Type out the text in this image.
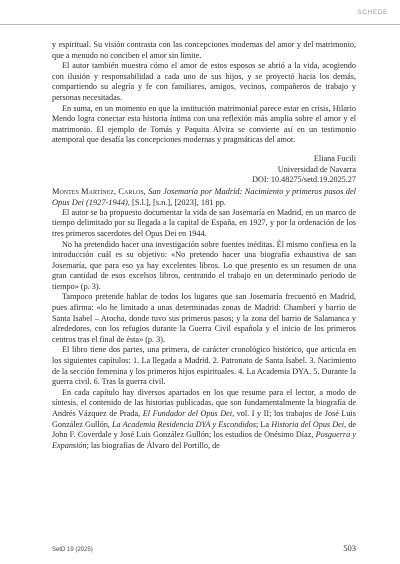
SCHEDE

y espiritual. Su visión contrasta con las concepciones modernas del amor y del matrimonio, que a menudo no conciben el amor sin límite.

El autor también muestra cómo el amor de estos esposos se abrió a la vida, acogiendo con ilusión y responsabilidad a cada uno de sus hijos, y se proyectó hacia los demás, compartiendo su alegría y fe con familiares, amigos, vecinos, compañeros de trabajo y personas necesitadas.

En suma, en un momento en que la institución matrimonial parece estar en crisis, Hilario Mendo logra conectar esta historia íntima con una reflexión más amplia sobre el amor y el matrimonio. El ejemplo de Tomás y Paquita Alvira se convierte así en un testimonio atemporal que desafía las concepciones modernas y pragmáticas del amor.

Eliana Fucili
Universidad de Navarra
DOI: 10.48275/setd.19.2025.27

Montes Martínez, Carlos, San Josemaría por Madrid: Nacimiento y primeros pasos del Opus Dei (1927-1944), [S.l.], [s.n.], [2023], 181 pp.

El autor se ha propuesto documentar la vida de san Josemaría en Madrid, en un marco de tiempo delimitado por su llegada a la capital de España, en 1927, y por la ordenación de los tres primeros sacerdotes del Opus Dei en 1944.

No ha pretendido hacer una investigación sobre fuentes inéditas. Él mismo confiesa en la introducción cuál es su objetivo: «No pretendo hacer una biografía exhaustiva de san Josemaría, que para eso ya hay excelentes libros. Lo que presento es un resumen de una gran cantidad de esos excelsos libros, centrando el trabajo en un determinado periodo de tiempo» (p. 3).

Tampoco pretende hablar de todos los lugares que san Josemaría frecuentó en Madrid, pues afirma: «lo he limitado a unas determinadas zonas de Madrid: Chamberí y barrio de Santa Isabel – Atocha, donde tuvo sus primeros pasos; y la zona del barrio de Salamanca y alrededores, con los refugios durante la Guerra Civil española y el inicio de los primeros centros tras el final de ésta» (p. 3).

El libro tiene dos partes, una primera, de carácter cronológico histórico, que articula en los siguientes capítulos: 1. La llegada a Madrid. 2. Patronato de Santa Isabel. 3. Nacimiento de la sección femenina y los primeros hijos espirituales. 4. La Academia DYA. 5. Durante la guerra civil. 6. Tras la guerra civil.

En cada capítulo hay diversos apartados en los que resume para el lector, a modo de síntesis, el contenido de las historias publicadas, que son fundamentalmente la biografía de Andrés Vázquez de Prada, El Fundador del Opus Dei, vol. I y II; los trabajos de José Luis González Gullón, La Academia Residencia DYA y Escondidos; La Historia del Opus Dei, de John F. Coverdale y José Luis González Gullón; los estudios de Onésimo Díaz, Posguerra y Expansión; las biografías de Álvaro del Portillo, de

SetD 19 (2025)	503
